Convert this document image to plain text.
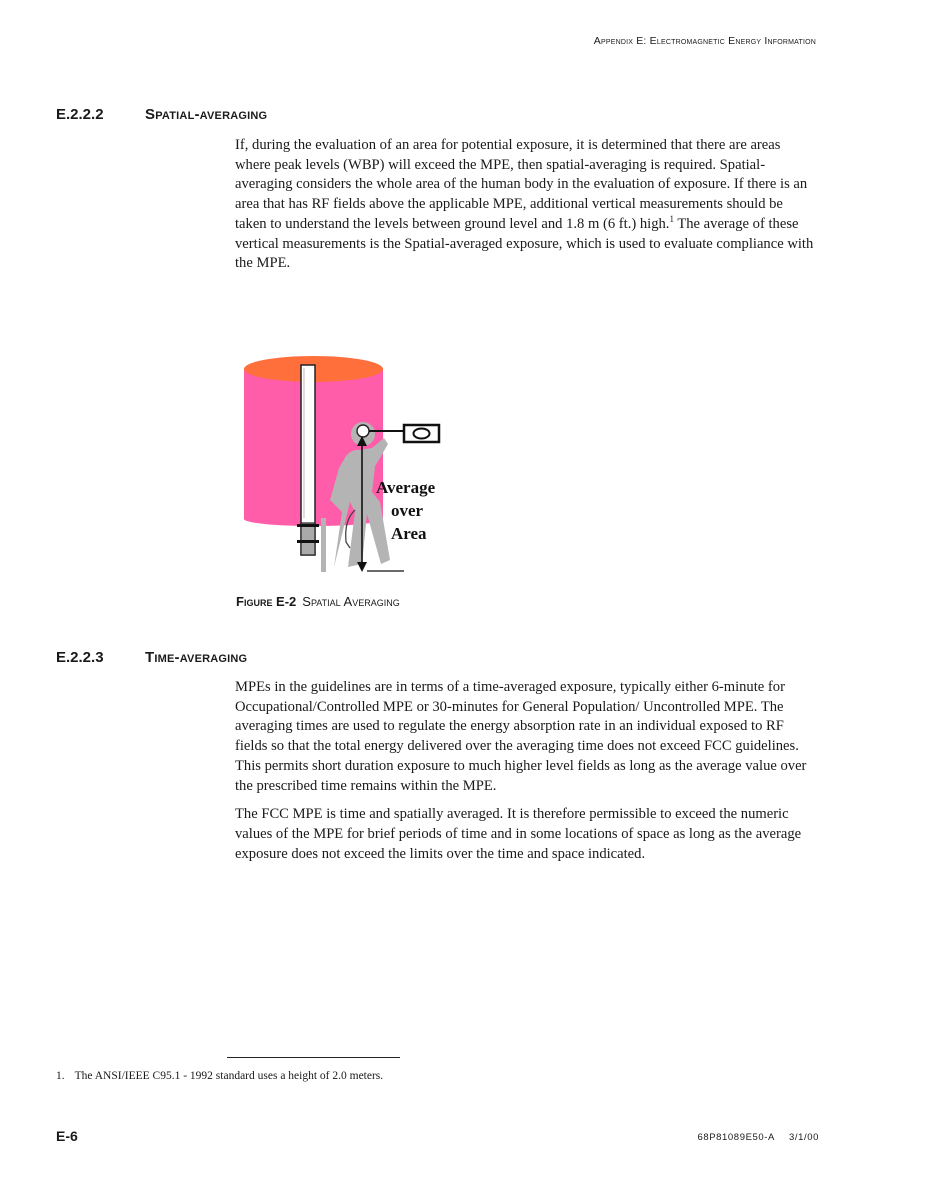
Appendix E: Electromagnetic Energy Information
E.2.2.2	Spatial-averaging

If, during the evaluation of an area for potential exposure, it is determined that there are areas where peak levels (WBP) will exceed the MPE, then spatial-averaging is required. Spatial-averaging considers the whole area of the human body in the evaluation of exposure. If there is an area that has RF fields above the applicable MPE, additional vertical measurements should be taken to understand the levels between ground level and 1.8 m (6 ft.) high.$^1$ The average of these vertical measurements is the Spatial-averaged exposure, which is used to evaluate compliance with the MPE.

Average
over
Area
Figure E-2 Spatial Averaging
E.2.2.3	Time-averaging

MPEs in the guidelines are in terms of a time-averaged exposure, typically either 6-minute for Occupational/Controlled MPE or 30-minutes for General Population/ Uncontrolled MPE. The averaging times are used to regulate the energy absorption rate in an individual exposed to RF fields so that the total energy delivered over the averaging time does not exceed FCC guidelines. This permits short duration exposure to much higher level fields as long as the average value over the prescribed time remains within the MPE.

The FCC MPE is time and spatially averaged. It is therefore permissible to exceed the numeric values of the MPE for brief periods of time and in some locations of space as long as the average exposure does not exceed the limits over the time and space indicated.

1. The ANSI/IEEE C95.1 - 1992 standard uses a height of 2.0 meters.
E-6	68P81089E50-A 3/1/00
